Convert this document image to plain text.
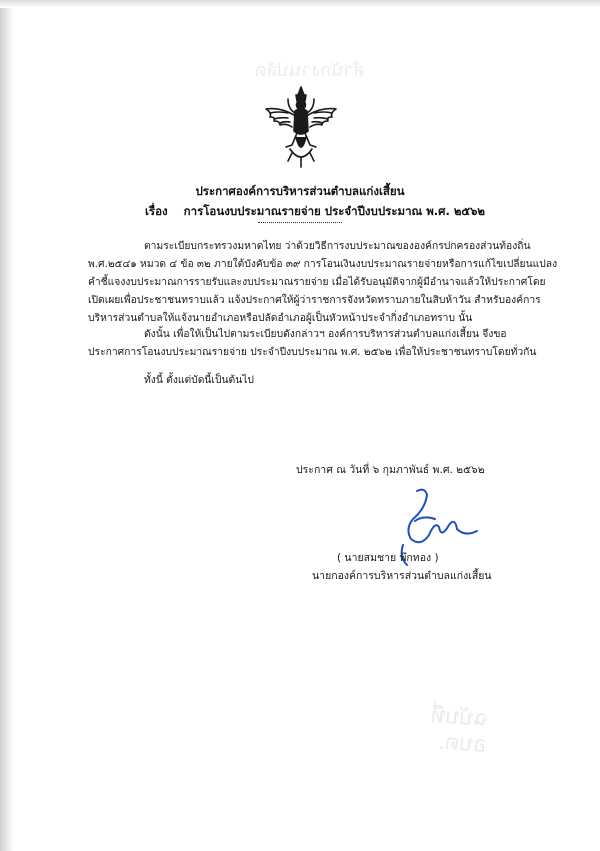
สำนักงานปลัด
ประกาศองค์การบริหารส่วนตำบลแก่งเสี้ยน
เรื่อง การโอนงบประมาณรายจ่าย ประจำปีงบประมาณ พ.ศ. ๒๕๖๒
ตามระเบียบกระทรวงมหาดไทย ว่าด้วยวิธีการงบประมาณขององค์กรปกครองส่วนท้องถิ่น
พ.ศ.๒๕๔๑ หมวด ๔ ข้อ ๓๒ ภายใต้บังคับข้อ ๓๙ การโอนเงินงบประมาณรายจ่ายหรือการแก้ไขเปลี่ยนแปลง
คำชี้แจงงบประมาณการรายรับและงบประมาณรายจ่าย เมื่อได้รับอนุมัติจากผู้มีอำนาจแล้วให้ประกาศโดย
เปิดเผยเพื่อประชาชนทราบแล้ว แจ้งประกาศให้ผู้ว่าราชการจังหวัดทราบภายในสิบห้าวัน สำหรับองค์การ
บริหารส่วนตำบลให้แจ้งนายอำเภอหรือปลัดอำเภอผู้เป็นหัวหน้าประจำกิ่งอำเภอทราบ นั้น
ดังนั้น เพื่อให้เป็นไปตามระเบียบดังกล่าวฯ องค์การบริหารส่วนตำบลแก่งเสี้ยน จึงขอ
ประกาศการโอนงบประมาณรายจ่าย ประจำปีงบประมาณ พ.ศ. ๒๕๖๒ เพื่อให้ประชาชนทราบโดยทั่วกัน
ทั้งนี้ ตั้งแต่บัดนี้เป็นต้นไป
ประกาศ ณ วันที่ ๖ กุมภาพันธ์ พ.ศ. ๒๕๖๒
( นายสมชาย พึกทอง )
นายกองค์การบริหารส่วนตำบลแก่งเสี้ยน
ฉบับที่
อบต.
